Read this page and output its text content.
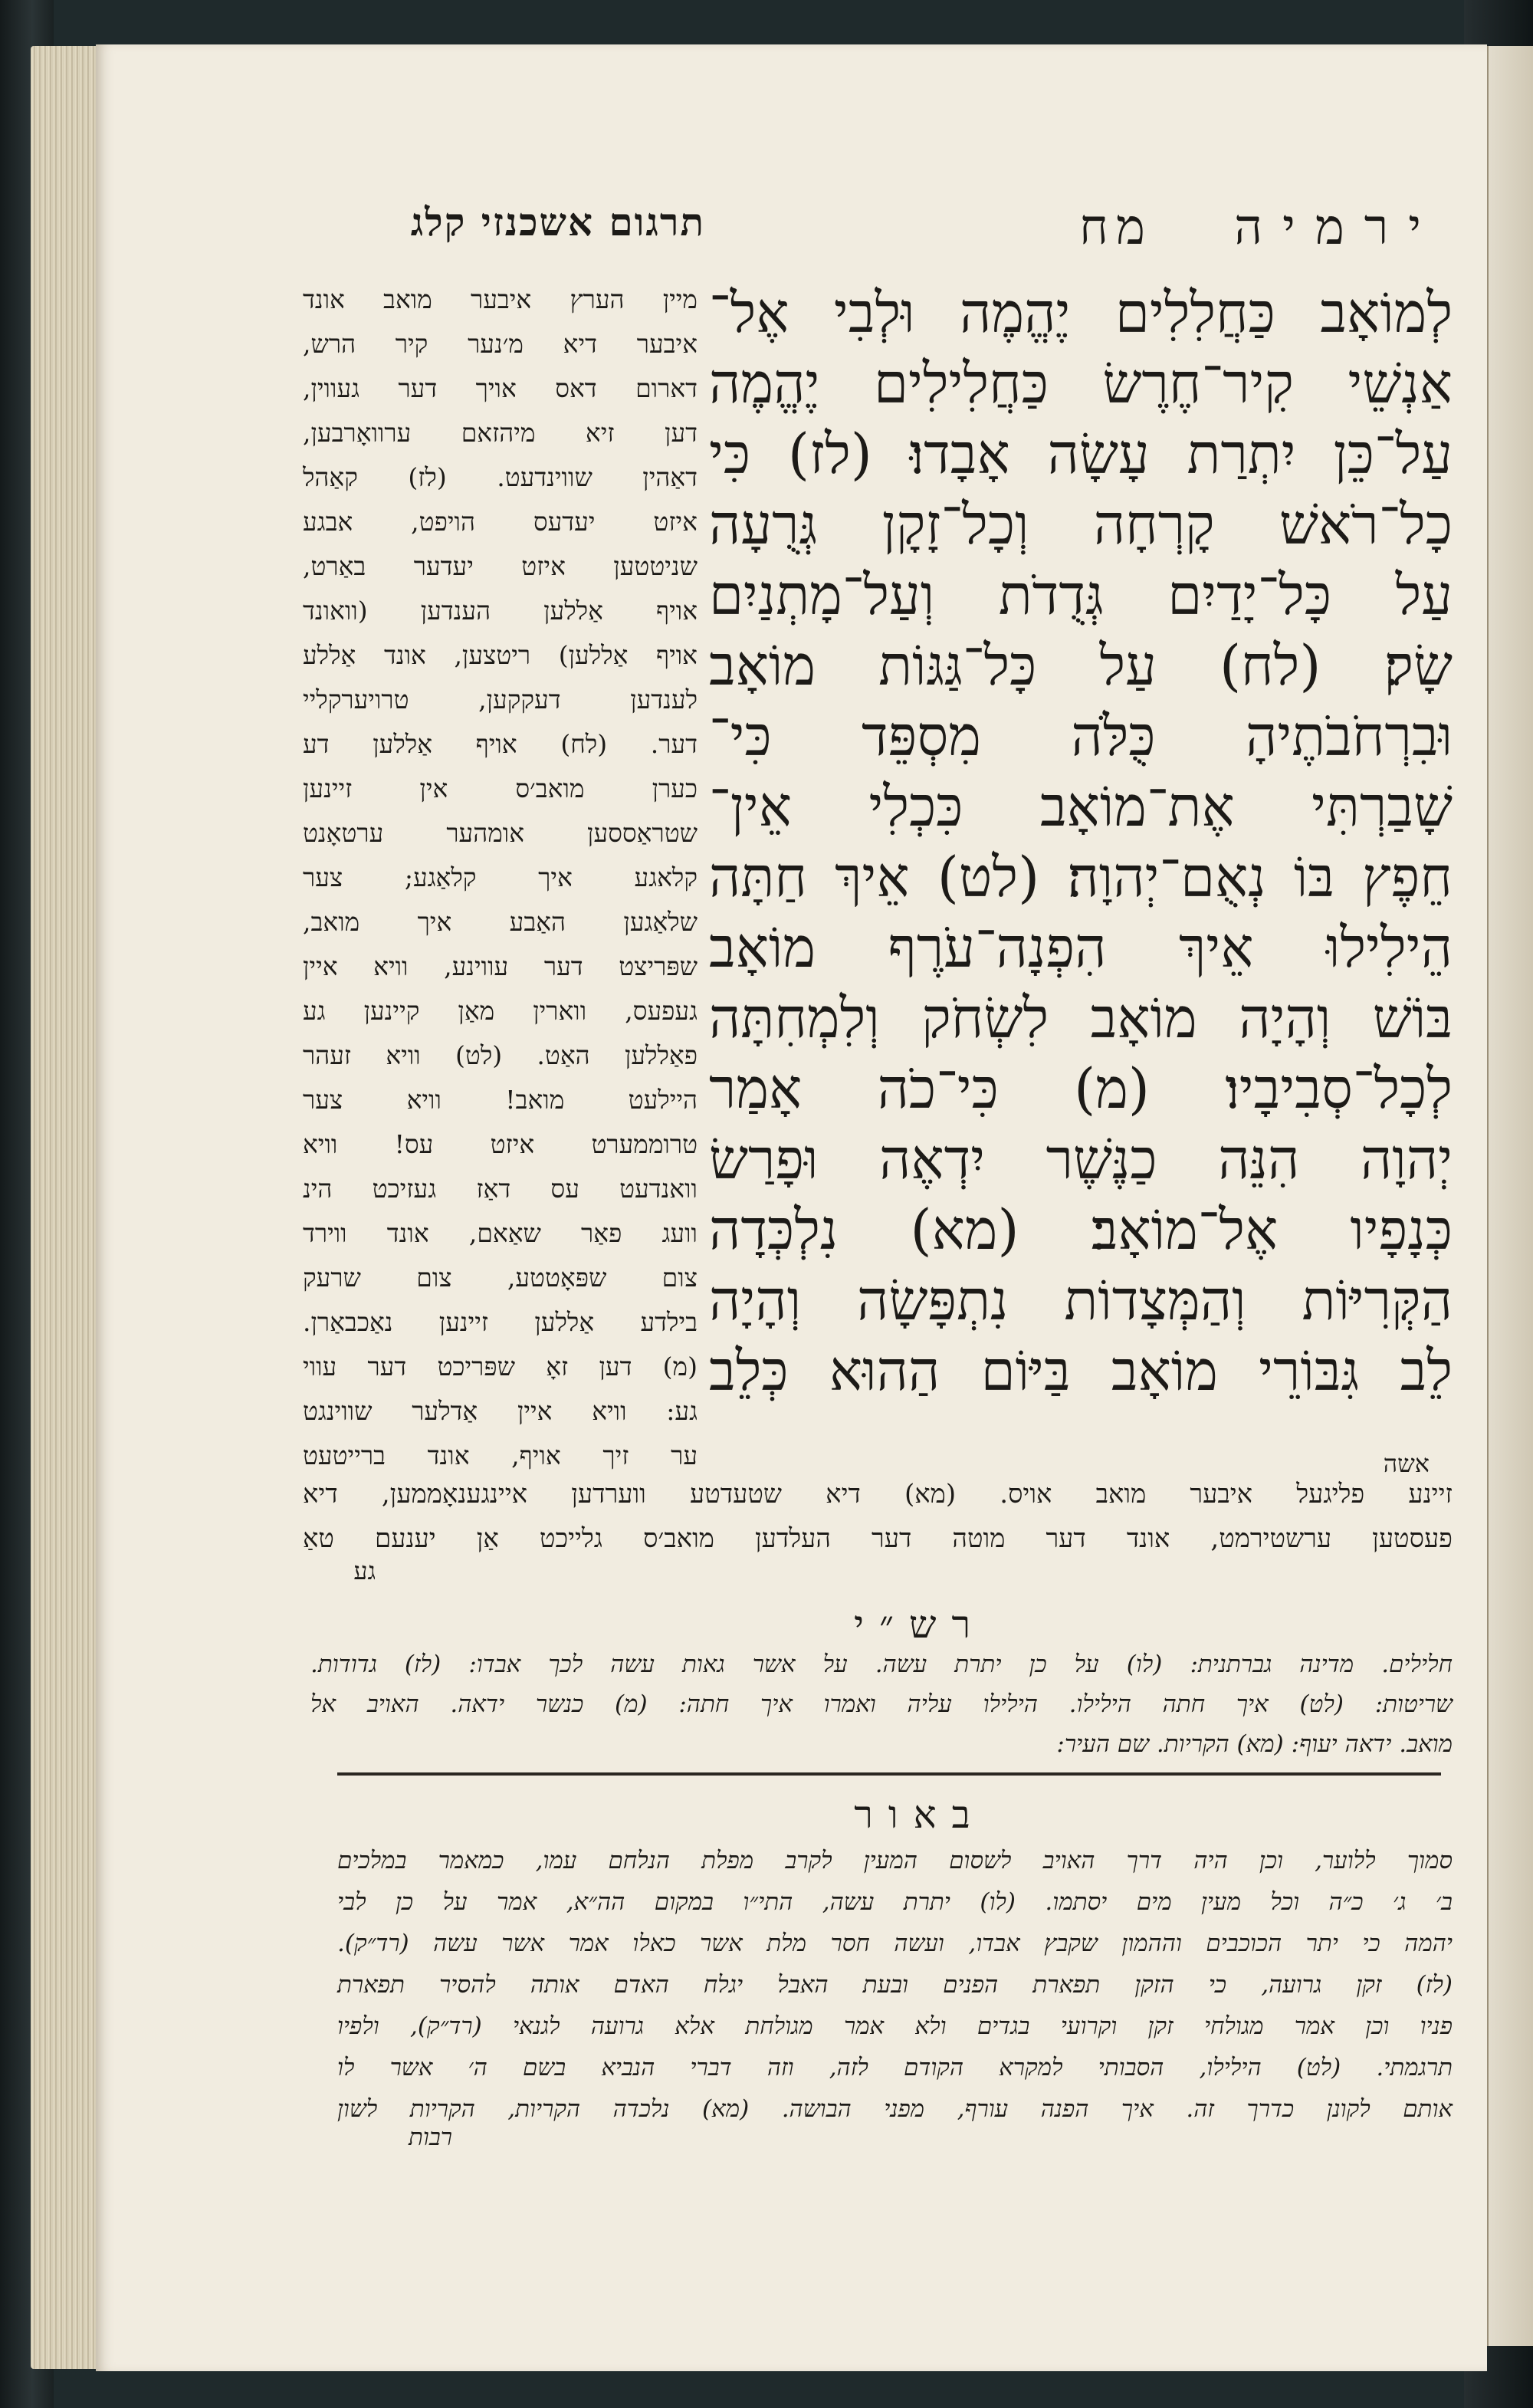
ירמיה מח
תרגום אשכנזי קלג
לְמוֹאָב כַּחֲלִלִים יֶהֱמֶה וּלְבִי אֶל־
אַנְשֵׁי קִיר־חֶרֶשׂ כַּחֲלִילִים יֶהֱמֶה
עַל־כֵּן יִתְרַת עָשָׂה אָבָדוּ׃ (לז) כִּי
כָל־רֹאשׁ קָרְחָה וְכָל־זָקָן גְּרֻעָה
עַל כָּל־יָדַיִם גְּדֻדֹת וְעַל־מָתְנַיִם
שָׂק׃ (לח) עַל כָּל־גַּגּוֹת מוֹאָב
וּבִרְחֹבֹתֶיהָ כֻּלֹּה מִסְפֵּד כִּי־
שָׁבַרְתִּי אֶת־מוֹאָב כִּכְלִי אֵין־
חֵפֶץ בּוֹ נְאֻם־יְהוָה׃ (לט) אֵיךְ חַתָּה
הֵילִילוּ אֵיךְ הִפְנָה־עֹרֶף מוֹאָב
בּוֹשׁ וְהָיָה מוֹאָב לִשְׂחֹק וְלִמְחִתָּה
לְכָל־סְבִיבָיו׃ (מ) כִּי־כֹה אָמַר
יְהוָה הִנֵּה כַנֶּשֶׁר יִדְאֶה וּפָרַשׂ
כְּנָפָיו אֶל־מוֹאָב׃ (מא) נִלְכְּדָה
הַקְּרִיּוֹת וְהַמְּצָדוֹת נִתְפָּשָׂה וְהָיָה
לֵב גִּבּוֹרֵי מוֹאָב בַּיּוֹם הַהוּא כְּלֵב
אשה
מיין הערץ איבער מואב אונד
איבער דיא מ׳נער קיר הרש,
דארום דאס אויך דער געווין,
דען זיא מיהזאם ערוואָרבען,
דאַהין שווינדעט. (לז) קאַהל
איזט יעדעס הויפט, אבגע
שניטטען איזט יעדער באַרט,
אויף אַללען הענדען (וואונד
אויף אַללען) ריטצען, אונד אַללע
לענדען דעקקען, טרויערקליי
דער. (לח) אויף אַללען דע
כערן מואב׳ס אין זיינען
שטראַססען אומהער ערטאָנט
קלאגע איך קלאַגע; צער
שלאַגען האַבע איך מואב,
שפּריצט דער עווינע, וויא איין
געפעס, ווארין מאַן קיינען גע
פאַללען האַט. (לט) וויא זעהר
היילעט מואב! וויא צער
טרוממערט איזט עס! וויא
וואנדעט עס דאַז געזיכט הינ
וועג פאַר שאַאם, אונד ווירד
צום שפּאָטטע, צום שרעק
בילדע אַללען זיינען נאַכבאַרן.
(מ) דען זאָ שפּריכט דער עווי
גע: וויא איין אַדלער שווינגט
ער זיך אויף, אונד ברייטעט
זיינע פליגעל איבער מואב אויס. (מא) דיא שטעדטע ווערדען איינגענאָממען, דיא
פעסטען ערשטירמט, אונד דער מוטה דער העלדען מואב׳ס גלייכט אַן יענעם טאַ
גע
רש״י
חלילים. מדינה גברתנית: (לו) על כן יתרת עשה. על אשר גאות עשה לכך אבדו: (לז) גדודות.
שריטות: (לט) איך חתה הילילו. הילילו עליה ואמרו איך חתה: (מ) כנשר ידאה. האויב אל
מואב. ידאה יעוף: (מא) הקריות. שם העיר:
באור
סמוך ללוער, וכן היה דרך האויב לשסום המעין לקרב מפלת הנלחם עמו, כמאמר במלכים
ב׳ ג׳ כ״ה וכל מעין מים יסתמו. (לו) יתרת עשה, התי״ו במקום הה״א, אמר על כן לבי
יהמה כי יתר הכוכבים וההמון שקבץ אבדו, ועשה חסר מלת אשר כאלו אמר אשר עשה (רד״ק).
(לז) זקן גרועה, כי הזקן תפארת הפנים ובעת האבל יגלח האדם אותה להסיר תפארת
פניו וכן אמר מגולחי זקן וקרועי בגדים ולא אמר מגולחת אלא גרועה לגנאי (רד״ק), ולפיו
תרגמתי. (לט) הילילו, הסבותי למקרא הקודם לזה, וזה דברי הנביא בשם ה׳ אשר לו
אותם לקונן כדרך זה. איך הפנה עורף, מפני הבושה. (מא) נלכדה הקריות, הקריות לשון
רבות
